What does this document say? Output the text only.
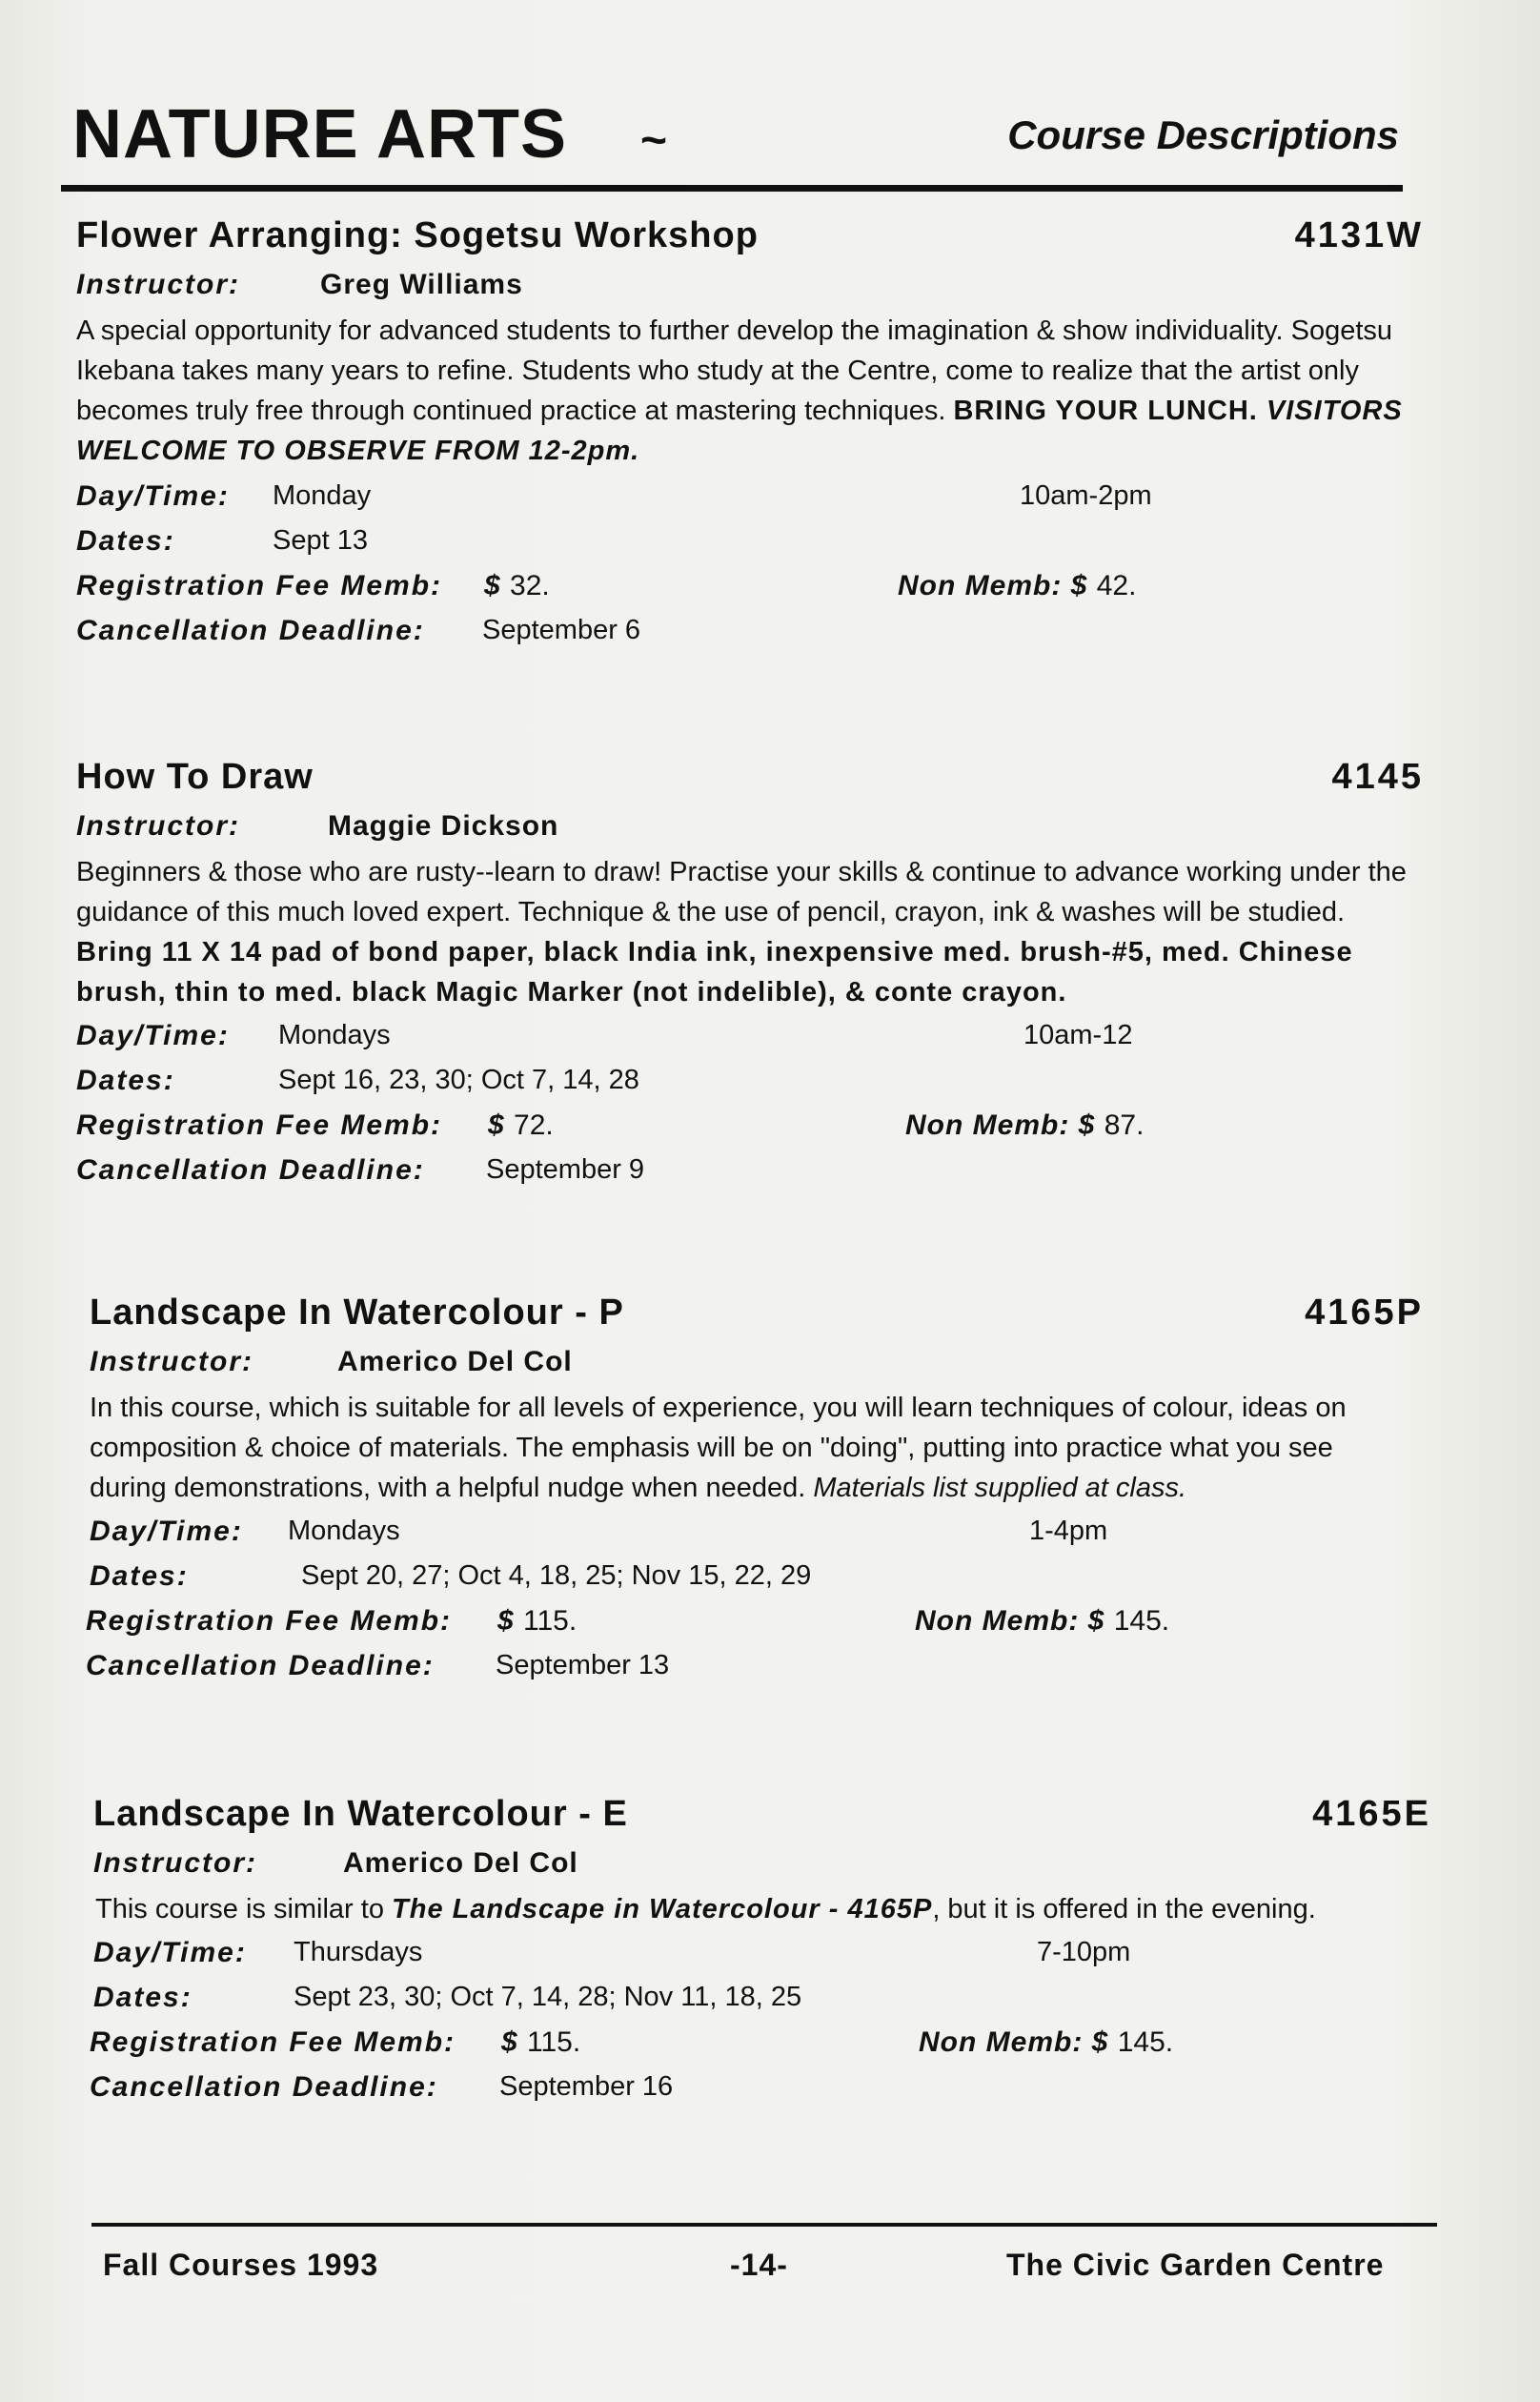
NATURE ARTS ~	Course Descriptions
Flower Arranging: Sogetsu Workshop	4131W
Instructor:	Greg Williams
A special opportunity for advanced students to further develop the imagination & show individuality. Sogetsu Ikebana takes many years to refine. Students who study at the Centre, come to realize that the artist only becomes truly free through continued practice at mastering techniques. BRING YOUR LUNCH. VISITORS WELCOME TO OBSERVE FROM 12-2pm.
Day/Time: Monday	10am-2pm
Dates:	Sept 13
Registration Fee Memb: $ 32.	Non Memb: $ 42.
Cancellation Deadline: September 6
How To Draw	4145
Instructor:	Maggie Dickson
Beginners & those who are rusty--learn to draw! Practise your skills & continue to advance working under the guidance of this much loved expert. Technique & the use of pencil, crayon, ink & washes will be studied. Bring 11 X 14 pad of bond paper, black India ink, inexpensive med. brush-#5, med. Chinese brush, thin to med. black Magic Marker (not indelible), & conte crayon.
Day/Time: Mondays	10am-12
Dates:	Sept 16, 23, 30; Oct 7, 14, 28
Registration Fee Memb: $ 72.	Non Memb: $ 87.
Cancellation Deadline: September 9
Landscape In Watercolour - P	4165P
Instructor:	Americo Del Col
In this course, which is suitable for all levels of experience, you will learn techniques of colour, ideas on composition & choice of materials. The emphasis will be on "doing", putting into practice what you see during demonstrations, with a helpful nudge when needed. Materials list supplied at class.
Day/Time: Mondays	1-4pm
Dates:	Sept 20, 27; Oct 4, 18, 25; Nov 15, 22, 29
Registration Fee Memb: $ 115.	Non Memb: $ 145.
Cancellation Deadline: September 13
Landscape In Watercolour - E	4165E
Instructor:	Americo Del Col
This course is similar to The Landscape in Watercolour - 4165P, but it is offered in the evening.
Day/Time: Thursdays	7-10pm
Dates:	Sept 23, 30; Oct 7, 14, 28; Nov 11, 18, 25
Registration Fee Memb: $ 115.	Non Memb: $ 145.
Cancellation Deadline: September 16
Fall Courses 1993	-14-	The Civic Garden Centre
